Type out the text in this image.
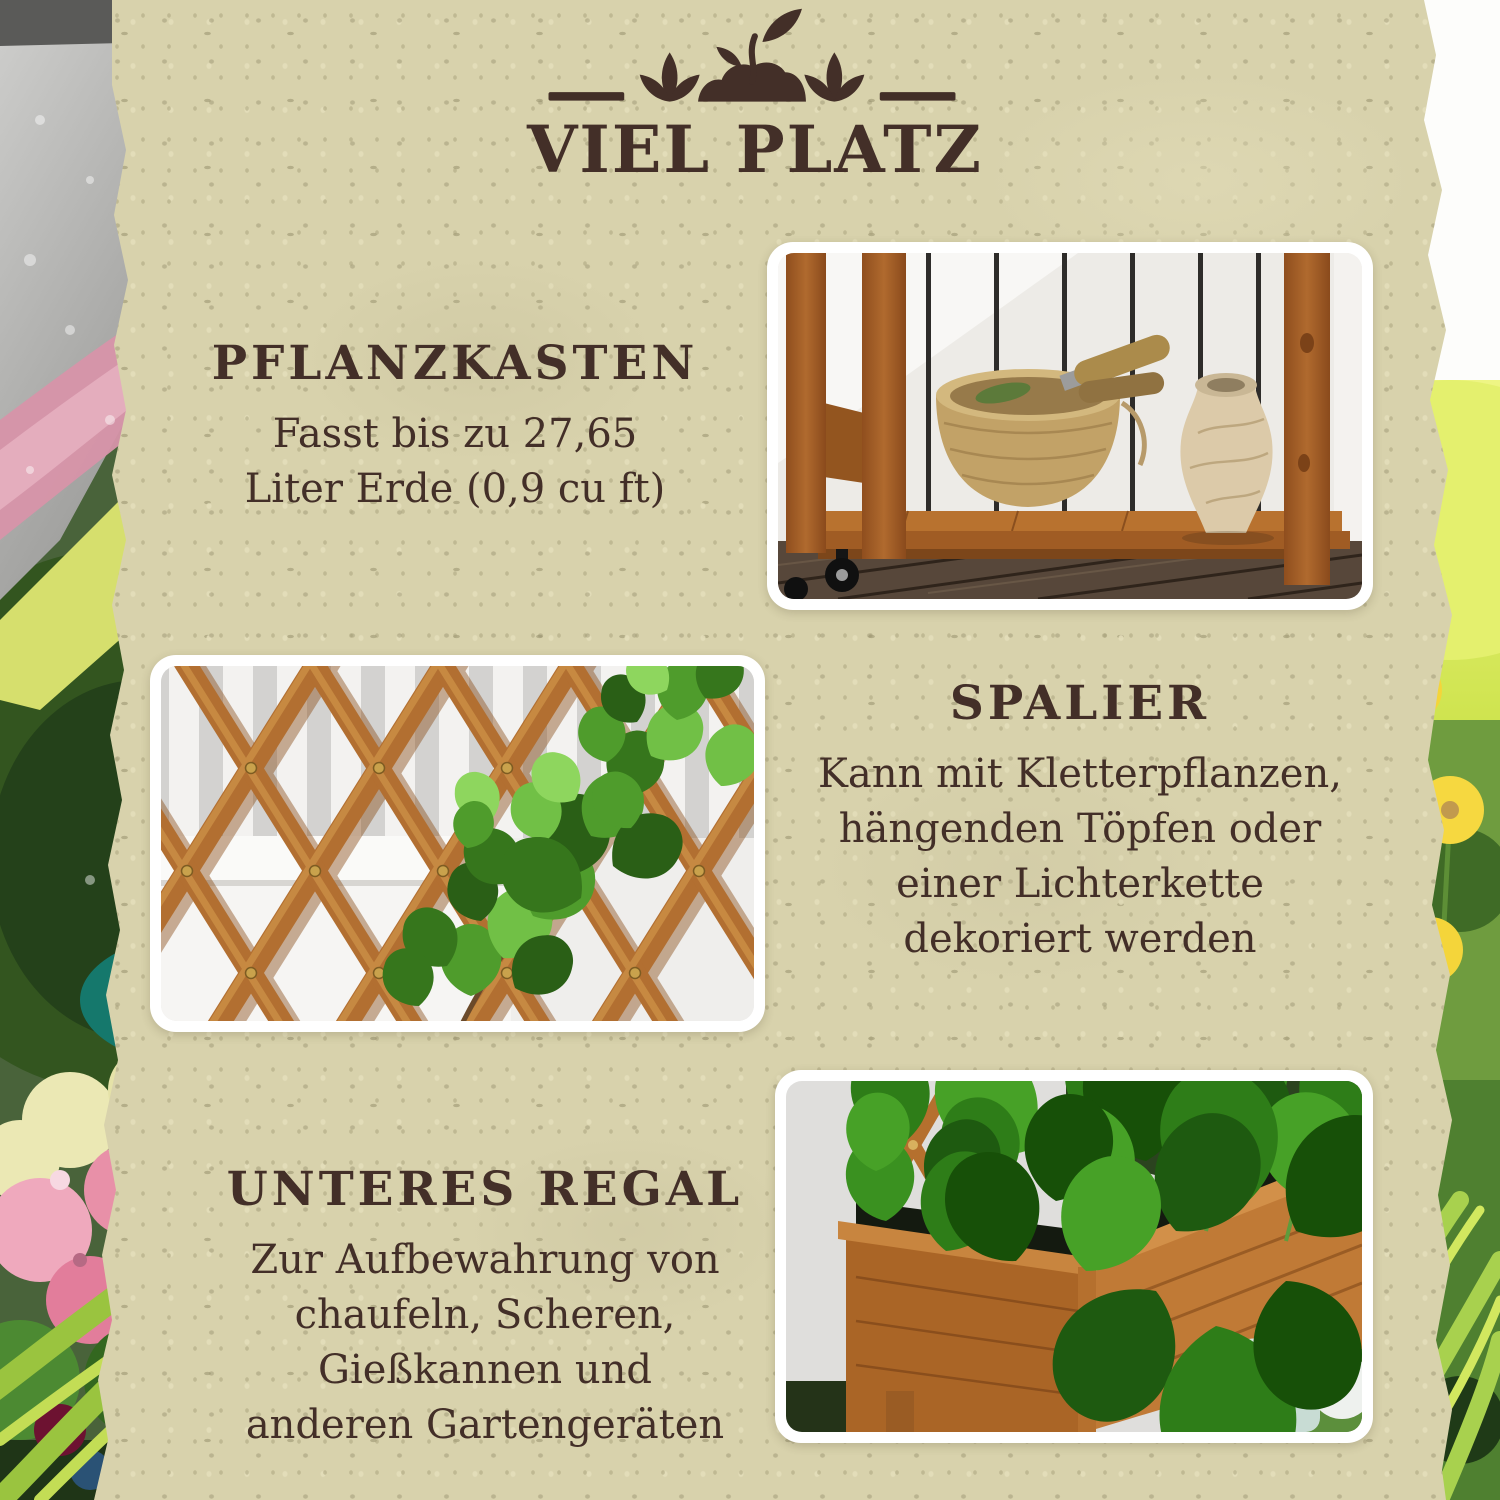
VIEL PLATZ
PFLANZKASTEN
Fasst bis zu 27,65
Liter Erde (0,9 cu ft)
SPALIER
Kann mit Kletterpflanzen,
hängenden Töpfen oder
einer Lichterkette
dekoriert werden
UNTERES REGAL
Zur Aufbewahrung von
chaufeln, Scheren,
Gießkannen und
anderen Gartengeräten
